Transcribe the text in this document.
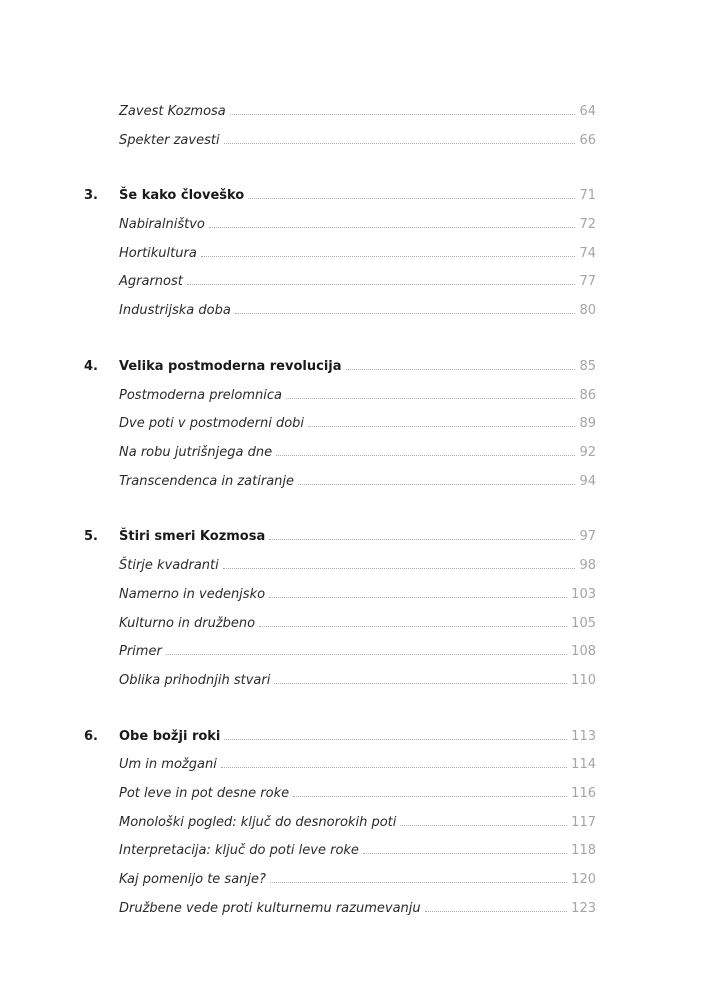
Zavest Kozmosa	64
Spekter zavesti	66
3. Še kako človeško	71
Nabiralništvo	72
Hortikultura	74
Agrarnost	77
Industrijska doba	80
4. Velika postmoderna revolucija	85
Postmoderna prelomnica	86
Dve poti v postmoderni dobi	89
Na robu jutrišnjega dne	92
Transcendenca in zatiranje	94
5. Štiri smeri Kozmosa	97
Štirje kvadranti	98
Namerno in vedenjsko	103
Kulturno in družbeno	105
Primer	108
Oblika prihodnjih stvari	110
6. Obe božji roki	113
Um in možgani	114
Pot leve in pot desne roke	116
Monološki pogled: ključ do desnorokih poti	117
Interpretacija: ključ do poti leve roke	118
Kaj pomenijo te sanje?	120
Družbene vede proti kulturnemu razumevanju	123
